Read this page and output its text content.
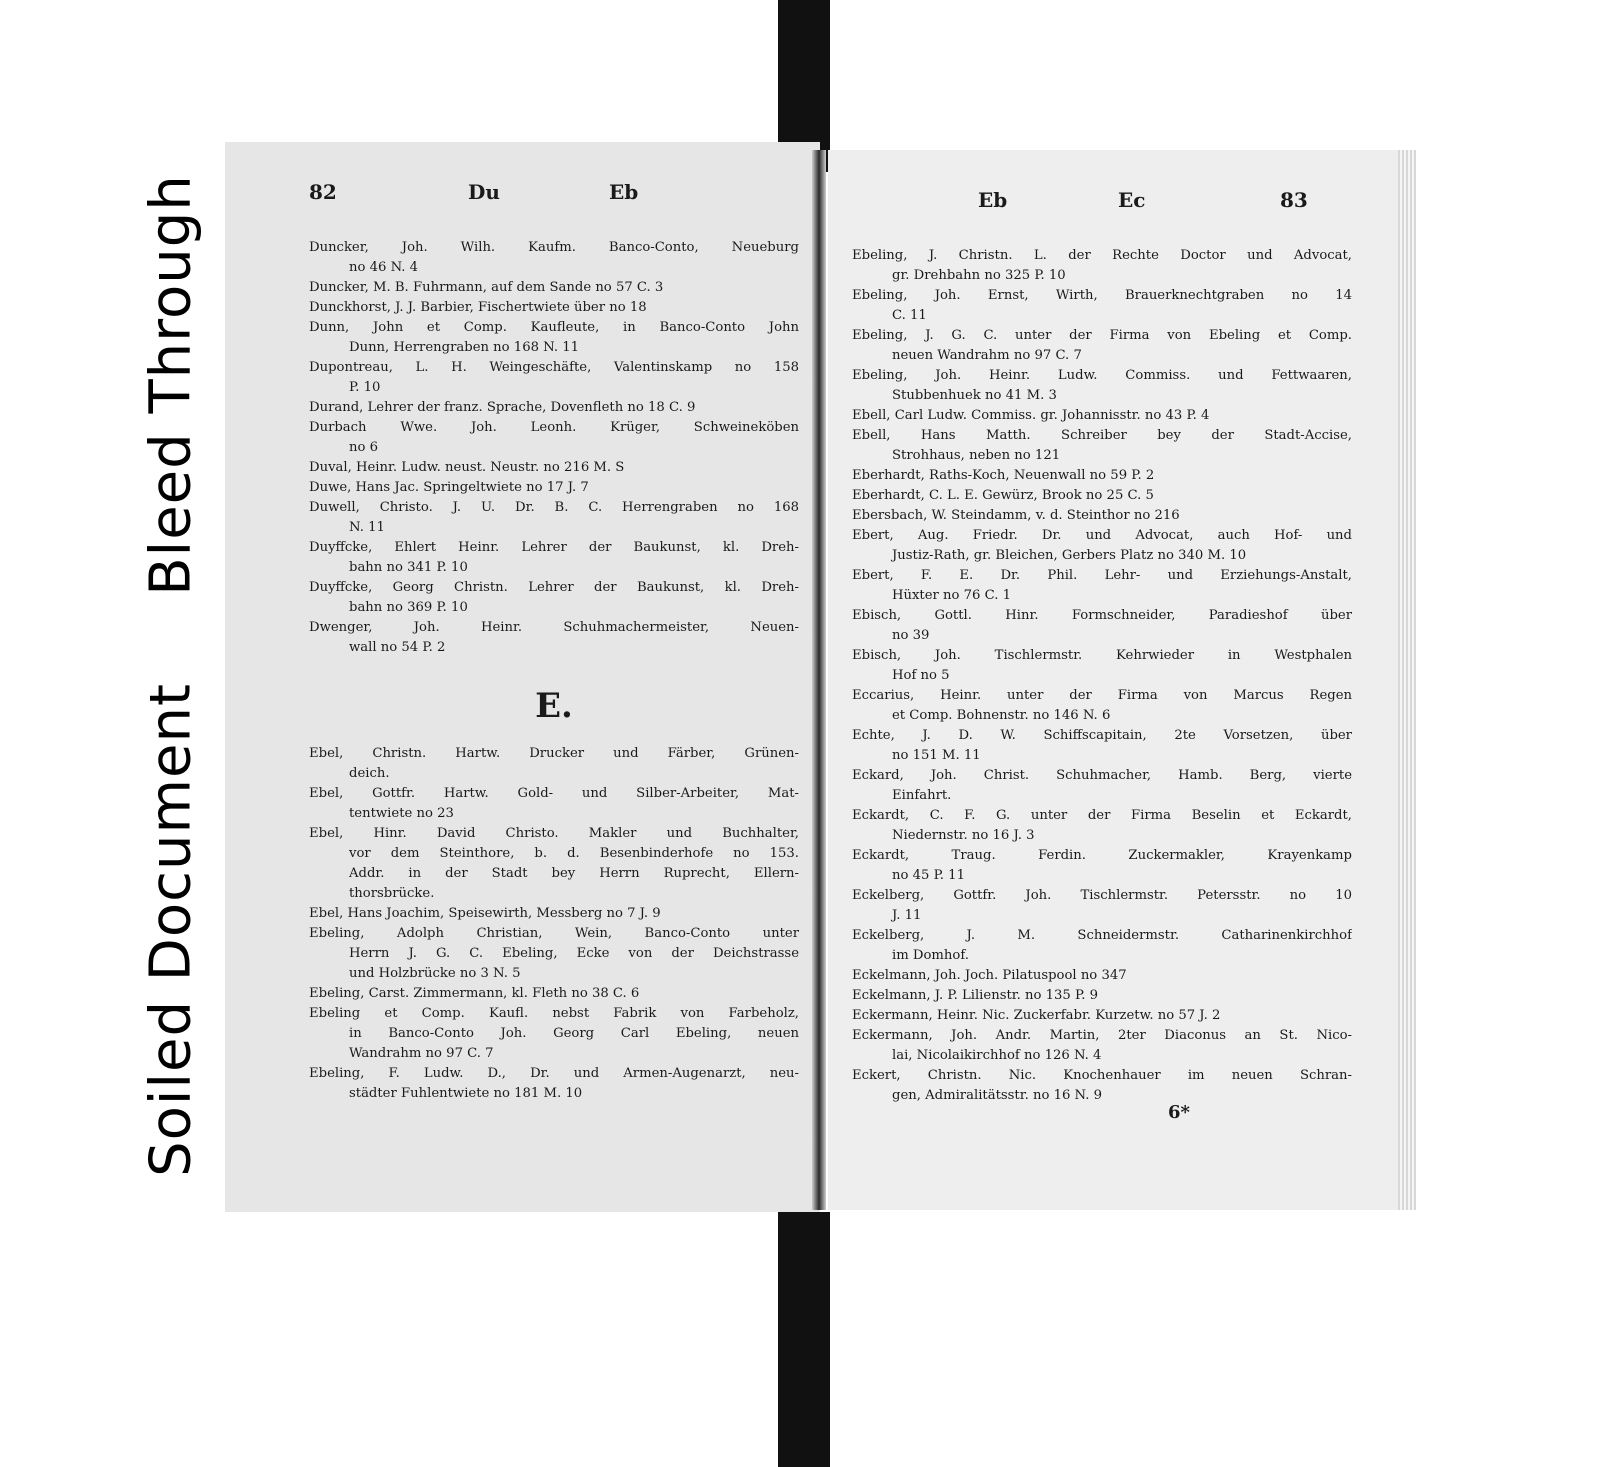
Bleed Through
Soiled Document
82	Du	Eb
Duncker, Joh. Wilh. Kaufm. Banco-Conto, Neueburg
no 46 N. 4
Duncker, M. B. Fuhrmann, auf dem Sande no 57 C. 3
Dunckhorst, J. J. Barbier, Fischertwiete über no 18
Dunn, John et Comp. Kaufleute, in Banco-Conto John
Dunn, Herrengraben no 168 N. 11
Dupontreau, L. H. Weingeschäfte, Valentinskamp no 158
P. 10
Durand, Lehrer der franz. Sprache, Dovenfleth no 18 C. 9
Durbach Wwe. Joh. Leonh. Krüger, Schweineköben
no 6
Duval, Heinr. Ludw. neust. Neustr. no 216 M. S
Duwe, Hans Jac. Springeltwiete no 17 J. 7
Duwell, Christo. J. U. Dr. B. C. Herrengraben no 168
N. 11
Duyffcke, Ehlert Heinr. Lehrer der Baukunst, kl. Dreh-
bahn no 341 P. 10
Duyffcke, Georg Christn. Lehrer der Baukunst, kl. Dreh-
bahn no 369 P. 10
Dwenger, Joh. Heinr. Schuhmachermeister, Neuen-
wall no 54 P. 2
E.
Ebel, Christn. Hartw. Drucker und Färber, Grünen-
deich.
Ebel, Gottfr. Hartw. Gold- und Silber-Arbeiter, Mat-
tentwiete no 23
Ebel, Hinr. David Christo. Makler und Buchhalter,
vor dem Steinthore, b. d. Besenbinderhofe no 153.
Addr. in der Stadt bey Herrn Ruprecht, Ellern-
thorsbrücke.
Ebel, Hans Joachim, Speisewirth, Messberg no 7 J. 9
Ebeling, Adolph Christian, Wein, Banco-Conto unter
Herrn J. G. C. Ebeling, Ecke von der Deichstrasse
und Holzbrücke no 3 N. 5
Ebeling, Carst. Zimmermann, kl. Fleth no 38 C. 6
Ebeling et Comp. Kaufl. nebst Fabrik von Farbeholz,
in Banco-Conto Joh. Georg Carl Ebeling, neuen
Wandrahm no 97 C. 7
Ebeling, F. Ludw. D., Dr. und Armen-Augenarzt, neu-
städter Fuhlentwiete no 181 M. 10
Eb	Ec	83
Ebeling, J. Christn. L. der Rechte Doctor und Advocat,
gr. Drehbahn no 325 P. 10
Ebeling, Joh. Ernst, Wirth, Brauerknechtgraben no 14
C. 11
Ebeling, J. G. C. unter der Firma von Ebeling et Comp.
neuen Wandrahm no 97 C. 7
Ebeling, Joh. Heinr. Ludw. Commiss. und Fettwaaren,
Stubbenhuek no 41 M. 3
Ebell, Carl Ludw. Commiss. gr. Johannisstr. no 43 P. 4
Ebell, Hans Matth. Schreiber bey der Stadt-Accise,
Strohhaus, neben no 121
Eberhardt, Raths-Koch, Neuenwall no 59 P. 2
Eberhardt, C. L. E. Gewürz, Brook no 25 C. 5
Ebersbach, W. Steindamm, v. d. Steinthor no 216
Ebert, Aug. Friedr. Dr. und Advocat, auch Hof- und
Justiz-Rath, gr. Bleichen, Gerbers Platz no 340 M. 10
Ebert, F. E. Dr. Phil. Lehr- und Erziehungs-Anstalt,
Hüxter no 76 C. 1
Ebisch, Gottl. Hinr. Formschneider, Paradieshof über
no 39
Ebisch, Joh. Tischlermstr. Kehrwieder in Westphalen
Hof no 5
Eccarius, Heinr. unter der Firma von Marcus Regen
et Comp. Bohnenstr. no 146 N. 6
Echte, J. D. W. Schiffscapitain, 2te Vorsetzen, über
no 151 M. 11
Eckard, Joh. Christ. Schuhmacher, Hamb. Berg, vierte
Einfahrt.
Eckardt, C. F. G. unter der Firma Beselin et Eckardt,
Niedernstr. no 16 J. 3
Eckardt, Traug. Ferdin. Zuckermakler, Krayenkamp
no 45 P. 11
Eckelberg, Gottfr. Joh. Tischlermstr. Petersstr. no 10
J. 11
Eckelberg, J. M. Schneidermstr. Catharinenkirchhof
im Domhof.
Eckelmann, Joh. Joch. Pilatuspool no 347
Eckelmann, J. P. Lilienstr. no 135 P. 9
Eckermann, Heinr. Nic. Zuckerfabr. Kurzetw. no 57 J. 2
Eckermann, Joh. Andr. Martin, 2ter Diaconus an St. Nico-
lai, Nicolaikirchhof no 126 N. 4
Eckert, Christn. Nic. Knochenhauer im neuen Schran-
gen, Admiralitätsstr. no 16 N. 9
6*
